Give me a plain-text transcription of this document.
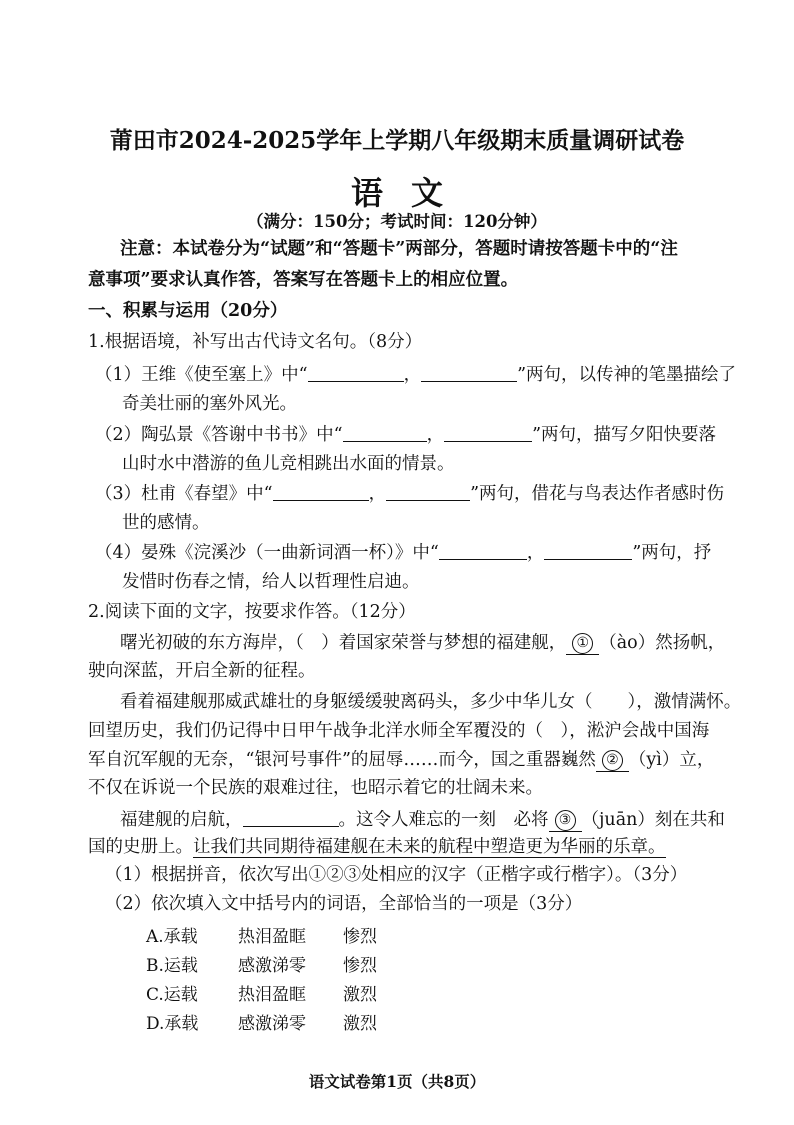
莆田市2024-2025学年上学期八年级期末质量调研试卷
语文
（满分：150分；考试时间：120分钟）
注意：本试卷分为“试题”和“答题卡”两部分，答题时请按答题卡中的“注
意事项”要求认真作答，答案写在答题卡上的相应位置。
一、积累与运用（20分）
1.根据语境，补写出古代诗文名句。（8分）
（1）王维《使至塞上》中“	，	”两句，以传神的笔墨描绘了
奇美壮丽的塞外风光。
（2）陶弘景《答谢中书书》中“	，	”两句，描写夕阳快要落
山时水中潜游的鱼儿竞相跳出水面的情景。
（3）杜甫《春望》中“	，	”两句，借花与鸟表达作者感时伤
世的感情。
（4）晏殊《浣溪沙（一曲新词酒一杯）》中“	，	”两句，抒
发惜时伤春之情，给人以哲理性启迪。
2.阅读下面的文字，按要求作答。（12分）
曙光初破的东方海岸，（　）着国家荣誉与梦想的福建舰， ① （ào）然扬帆，
驶向深蓝，开启全新的征程。
看着福建舰那威武雄壮的身躯缓缓驶离码头，多少中华儿女（　　），激情满怀。
回望历史，我们仍记得中日甲午战争北洋水师全军覆没的（　），淞沪会战中国海
军自沉军舰的无奈，“银河号事件”的屈辱……而今，国之重器巍然 ② （yì）立，
不仅在诉说一个民族的艰难过往，也昭示着它的壮阔未来。
福建舰的启航，	。这令人难忘的一刻　必将 ③ （juān）刻在共和
国的史册上。让我们共同期待福建舰在未来的航程中塑造更为华丽的乐章。
（1）根据拼音，依次写出①②③处相应的汉字（正楷字或行楷字）。（3分）
（2）依次填入文中括号内的词语，全部恰当的一项是（3分）
A.承载 热泪盈眶 惨烈
B.运载 感激涕零 惨烈
C.运载 热泪盈眶 激烈
D.承载 感激涕零 激烈
语文试卷第1页（共8页）
